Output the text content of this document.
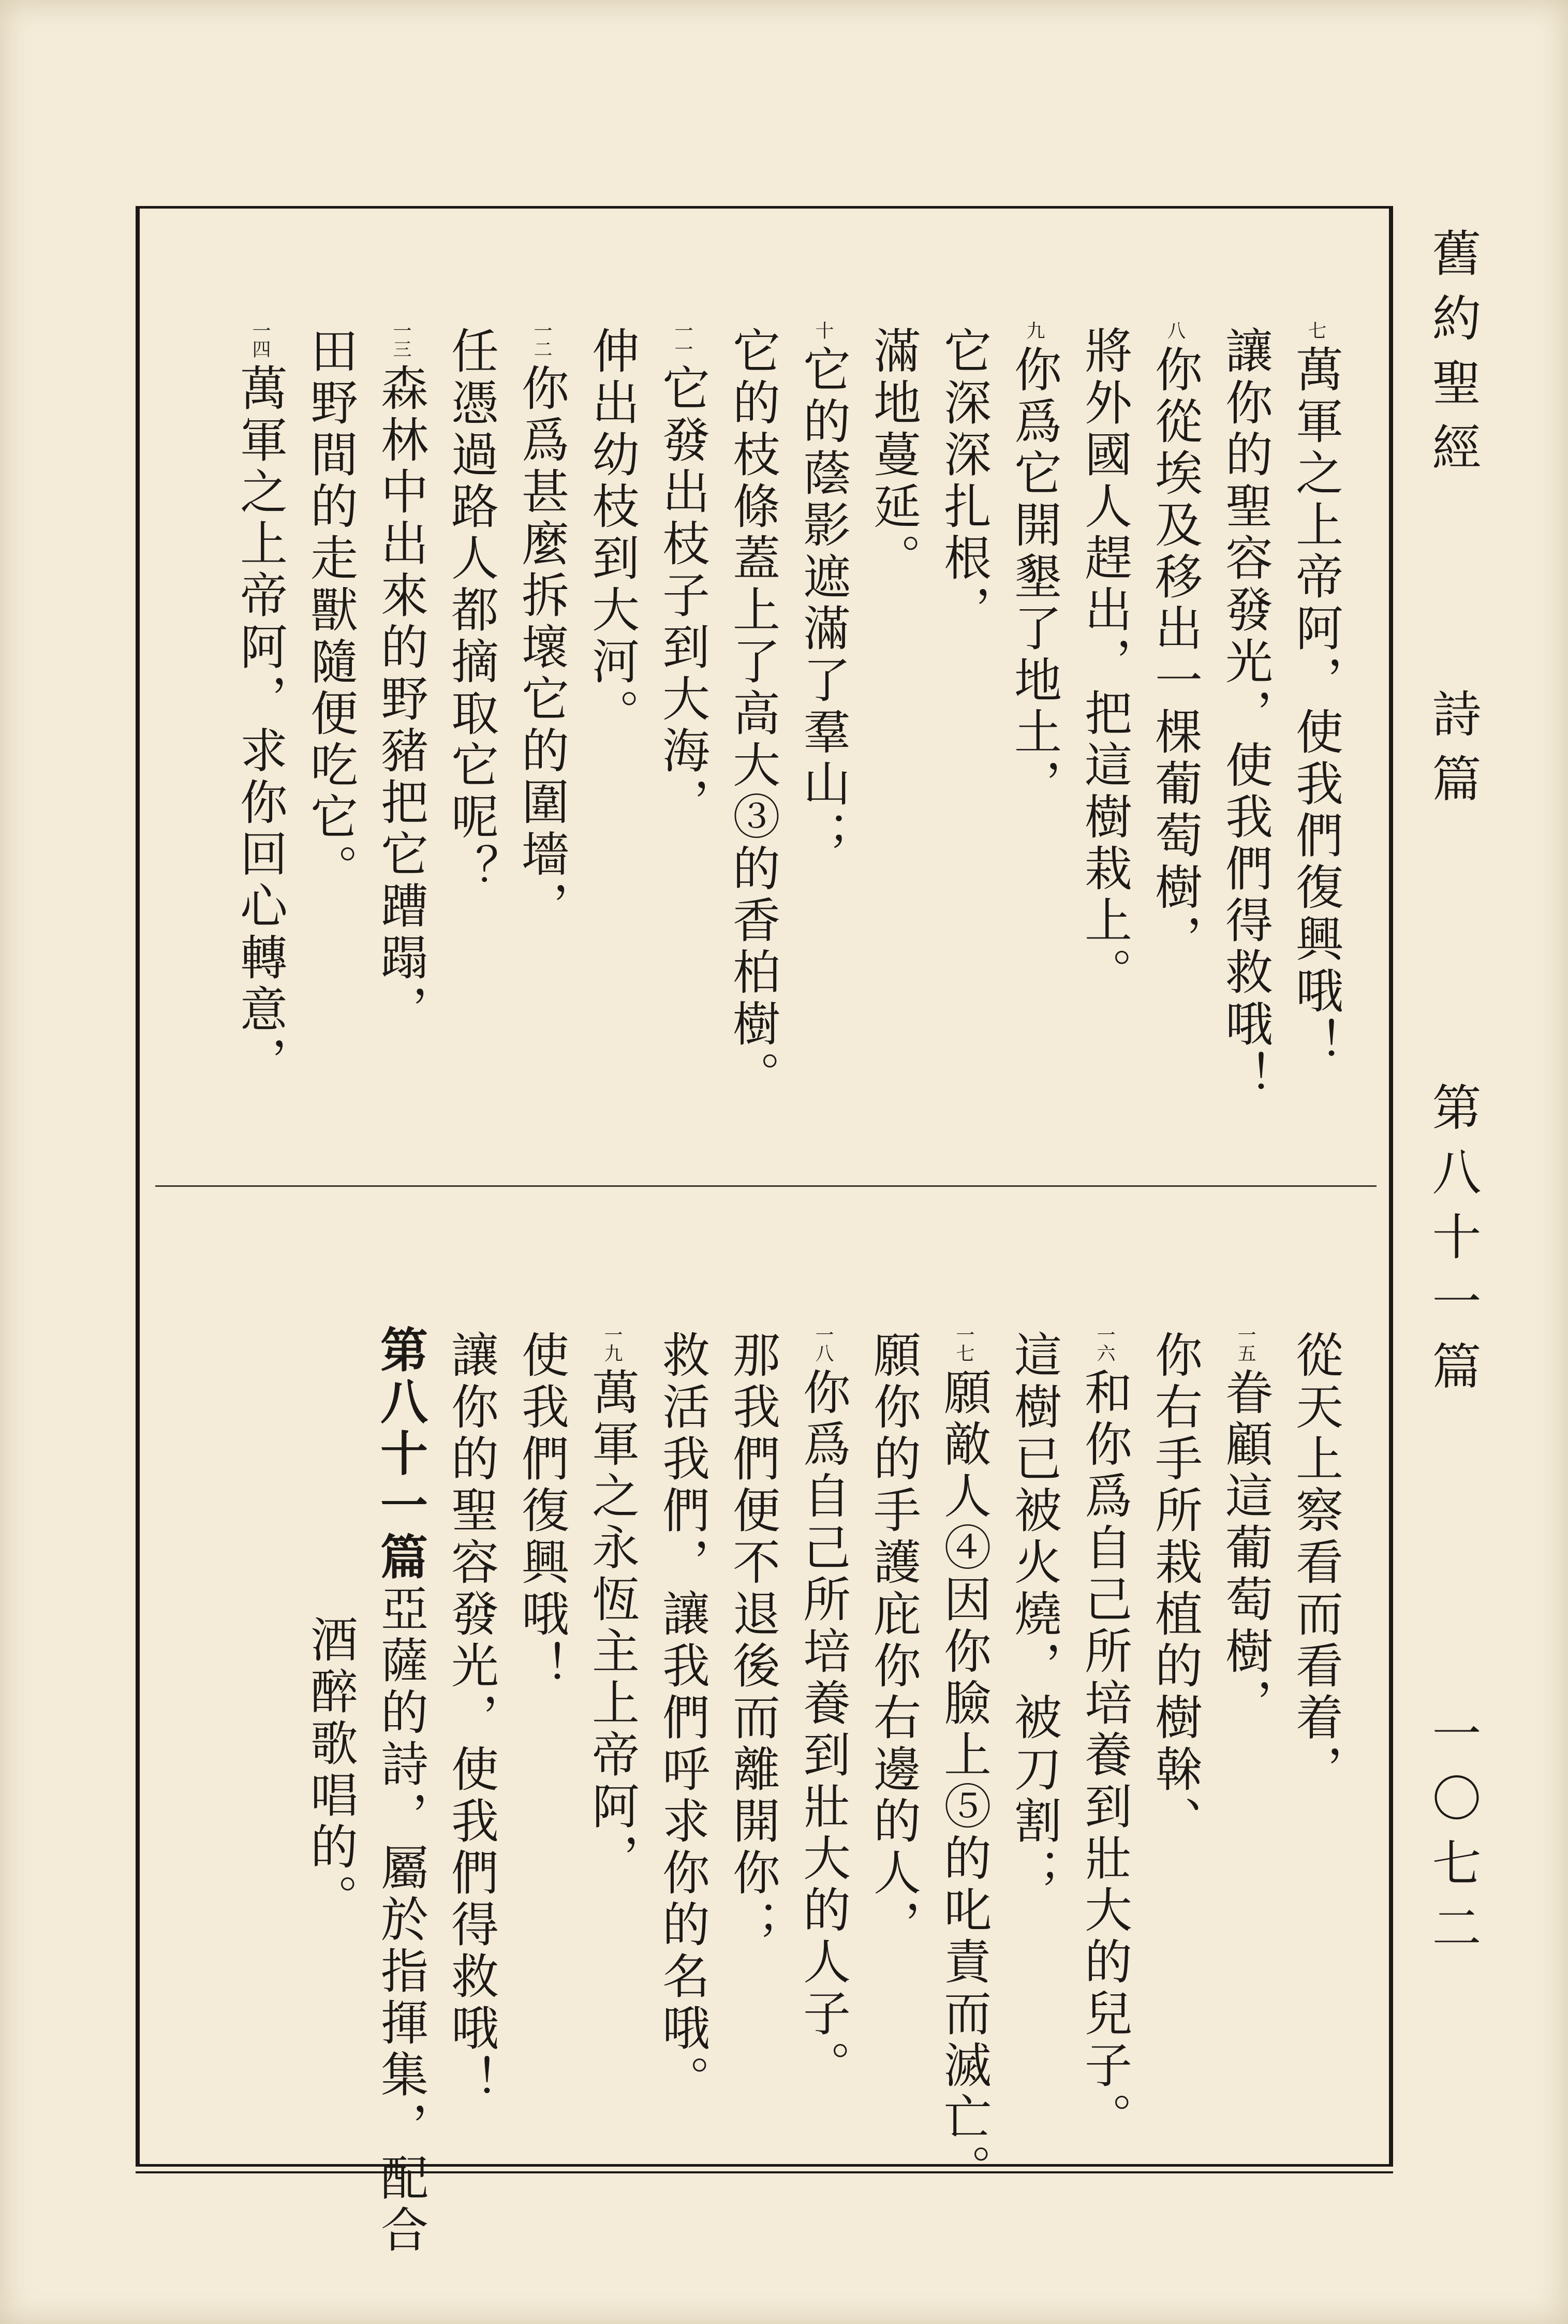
舊約聖經
詩篇
第八十一篇
一〇七二
七萬軍之上帝阿，使我們復興哦！
讓你的聖容發光，使我們得救哦！
八你從埃及移出一棵葡萄樹，
將外國人趕出，把這樹栽上。
九你爲它開墾了地土，
它深深扎根，
滿地蔓延。
十它的蔭影遮滿了羣山；
它的枝條蓋上了高大③的香柏樹。
一一它發出枝子到大海，
伸出幼枝到大河。
一二你爲甚麼拆壞它的圍墻，
任憑過路人都摘取它呢？
一三森林中出來的野豬把它蹧蹋，
田野間的走獸隨便吃它。
一四萬軍之上帝阿，求你回心轉意，
從天上察看而看着，
一五眷顧這葡萄樹，
你右手所栽植的樹榦、
一六和你爲自己所培養到壯大的兒子。
這樹已被火燒，被刀割；
一七願敵人④因你臉上⑤的叱責而滅亡。
願你的手護庇你右邊的人，
一八你爲自己所培養到壯大的人子。
那我們便不退後而離開你；
救活我們，讓我們呼求你的名哦。
一九萬軍之永恆主上帝阿，
使我們復興哦！
讓你的聖容發光，使我們得救哦！
第八十一篇亞薩的詩，屬於指揮集，配合
酒醉歌唱的。
